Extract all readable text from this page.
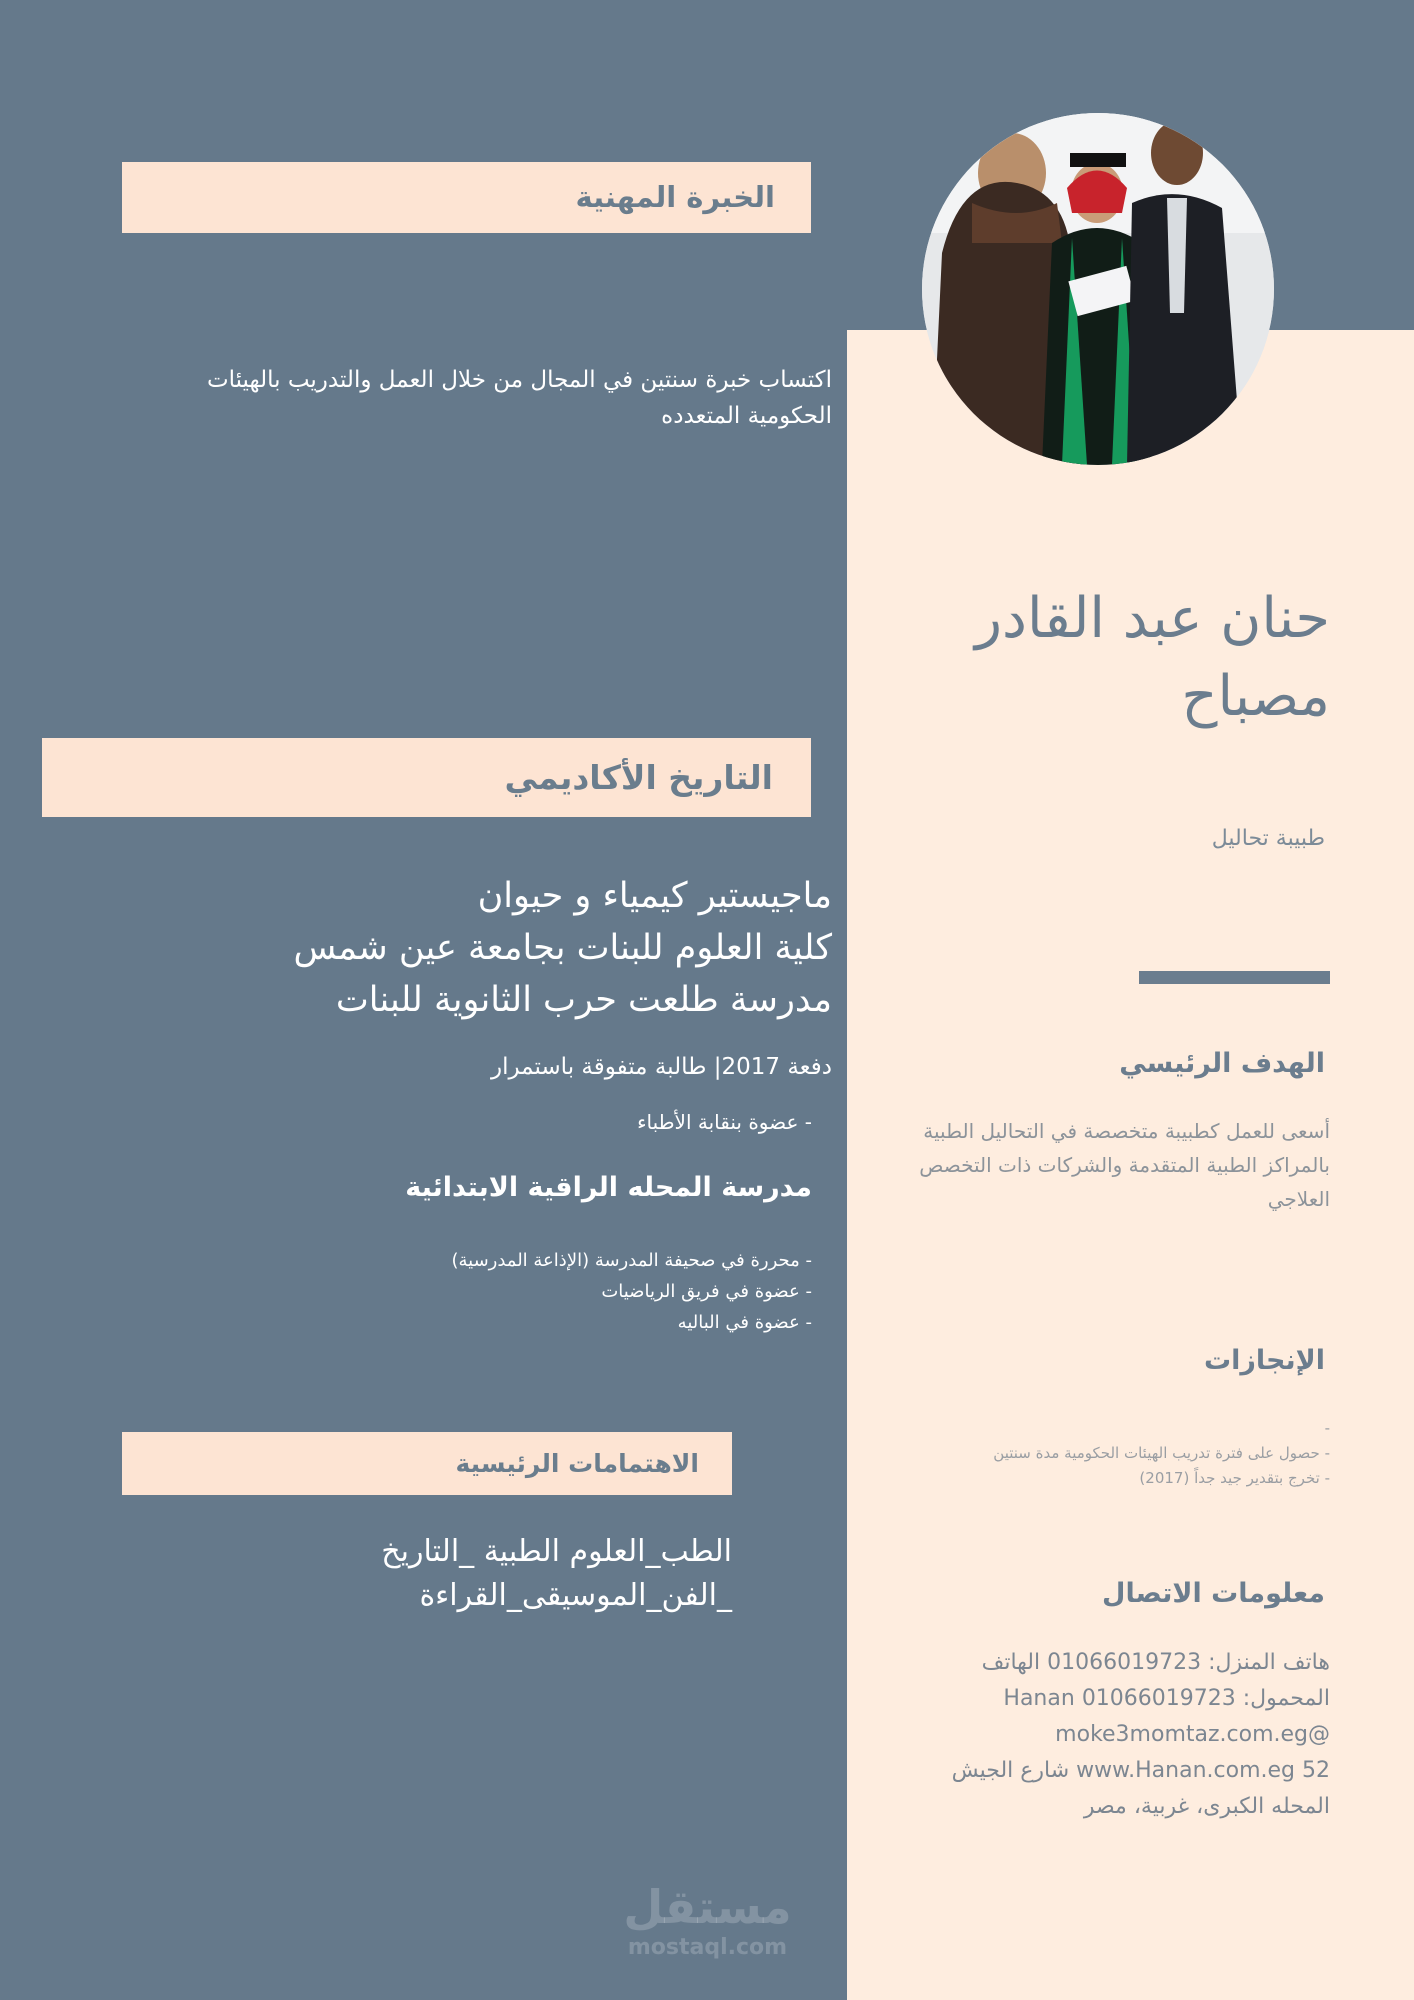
الخبرة المهنية
اكتساب خبرة سنتين في المجال من خلال العمل والتدريب بالهيئات الحكومية المتعدده
التاريخ الأكاديمي
ماجيستير كيمياء و حيوان
كلية العلوم للبنات بجامعة عين شمس
مدرسة طلعت حرب الثانوية للبنات
دفعة 2017| طالبة متفوقة باستمرار
- عضوة بنقابة الأطباء
مدرسة المحله الراقية الابتدائية
- محررة في صحيفة المدرسة (الإذاعة المدرسية)
- عضوة في فريق الرياضيات
- عضوة في الباليه
الاهتمامات الرئيسية
الطب_العلوم الطبية _التاريخ
_الفن_الموسيقى_القراءة
مستقل
mostaql.com
حنان عبد القادر
مصباح
طبيبة تحاليل
الهدف الرئيسي
أسعى للعمل كطبيبة متخصصة في التحاليل الطبية بالمراكز الطبية المتقدمة والشركات ذات التخصص العلاجي
الإنجازات
-
- حصول على فترة تدريب الهيئات الحكومية مدة سنتين
- تخرج بتقدير جيد جداً (2017)
معلومات الاتصال
هاتف المنزل: 01066019723 الهاتف
المحمول: 01066019723 Hanan
@moke3momtaz.com.eg
52 www.Hanan.com.eg شارع الجيش
المحله الكبرى، غربية، مصر
